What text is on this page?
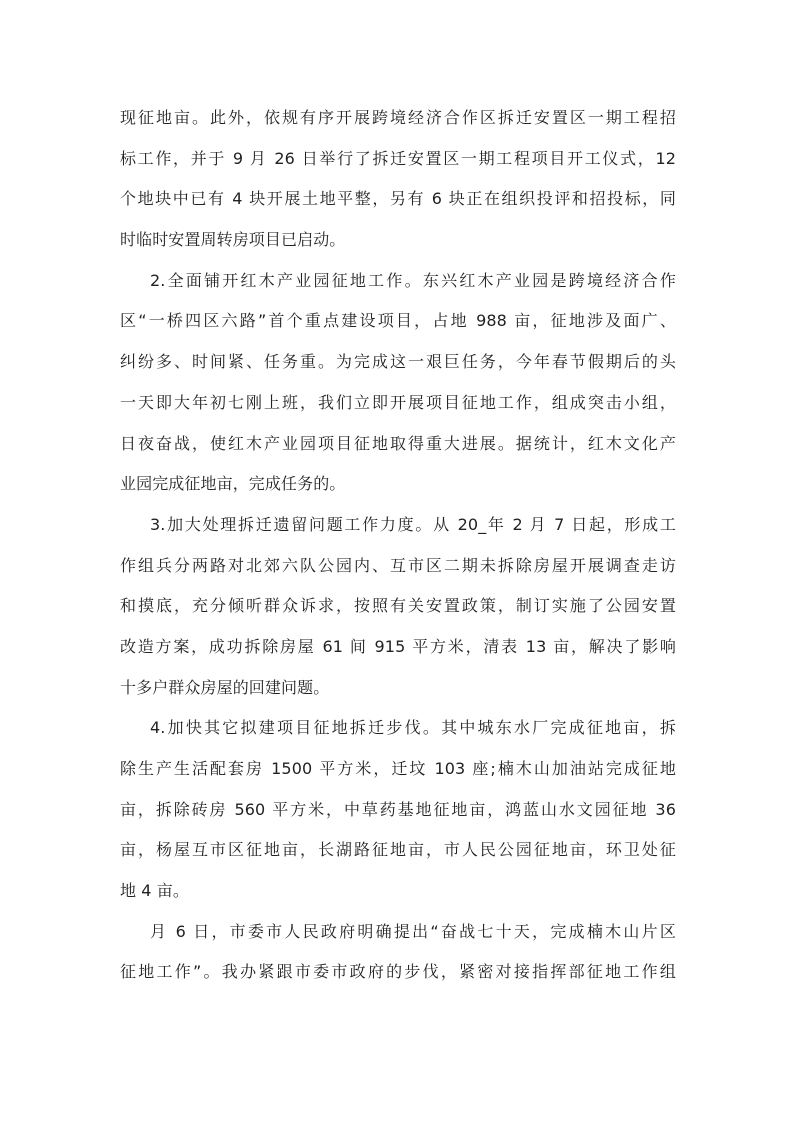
现征地亩。此外，依规有序开展跨境经济合作区拆迁安置区一期工程招
标工作，并于 9 月 26 日举行了拆迁安置区一期工程项目开工仪式，12
个地块中已有 4 块开展土地平整，另有 6 块正在组织投评和招投标，同
时临时安置周转房项目已启动。
2.全面铺开红木产业园征地工作。东兴红木产业园是跨境经济合作
区“一桥四区六路”首个重点建设项目，占地 988 亩，征地涉及面广、
纠纷多、时间紧、任务重。为完成这一艰巨任务，今年春节假期后的头
一天即大年初七刚上班，我们立即开展项目征地工作，组成突击小组，
日夜奋战，使红木产业园项目征地取得重大进展。据统计，红木文化产
业园完成征地亩，完成任务的。
3.加大处理拆迁遗留问题工作力度。从 20_年 2 月 7 日起，形成工
作组兵分两路对北郊六队公园内、互市区二期未拆除房屋开展调查走访
和摸底，充分倾听群众诉求，按照有关安置政策，制订实施了公园安置
改造方案，成功拆除房屋 61 间 915 平方米，清表 13 亩，解决了影响
十多户群众房屋的回建问题。
4.加快其它拟建项目征地拆迁步伐。其中城东水厂完成征地亩，拆
除生产生活配套房 1500 平方米，迁坟 103 座;楠木山加油站完成征地
亩，拆除砖房 560 平方米，中草药基地征地亩，鸿蓝山水文园征地 36
亩，杨屋互市区征地亩，长湖路征地亩，市人民公园征地亩，环卫处征
地 4 亩。
月 6 日，市委市人民政府明确提出“奋战七十天，完成楠木山片区
征地工作”。我办紧跟市委市政府的步伐，紧密对接指挥部征地工作组
